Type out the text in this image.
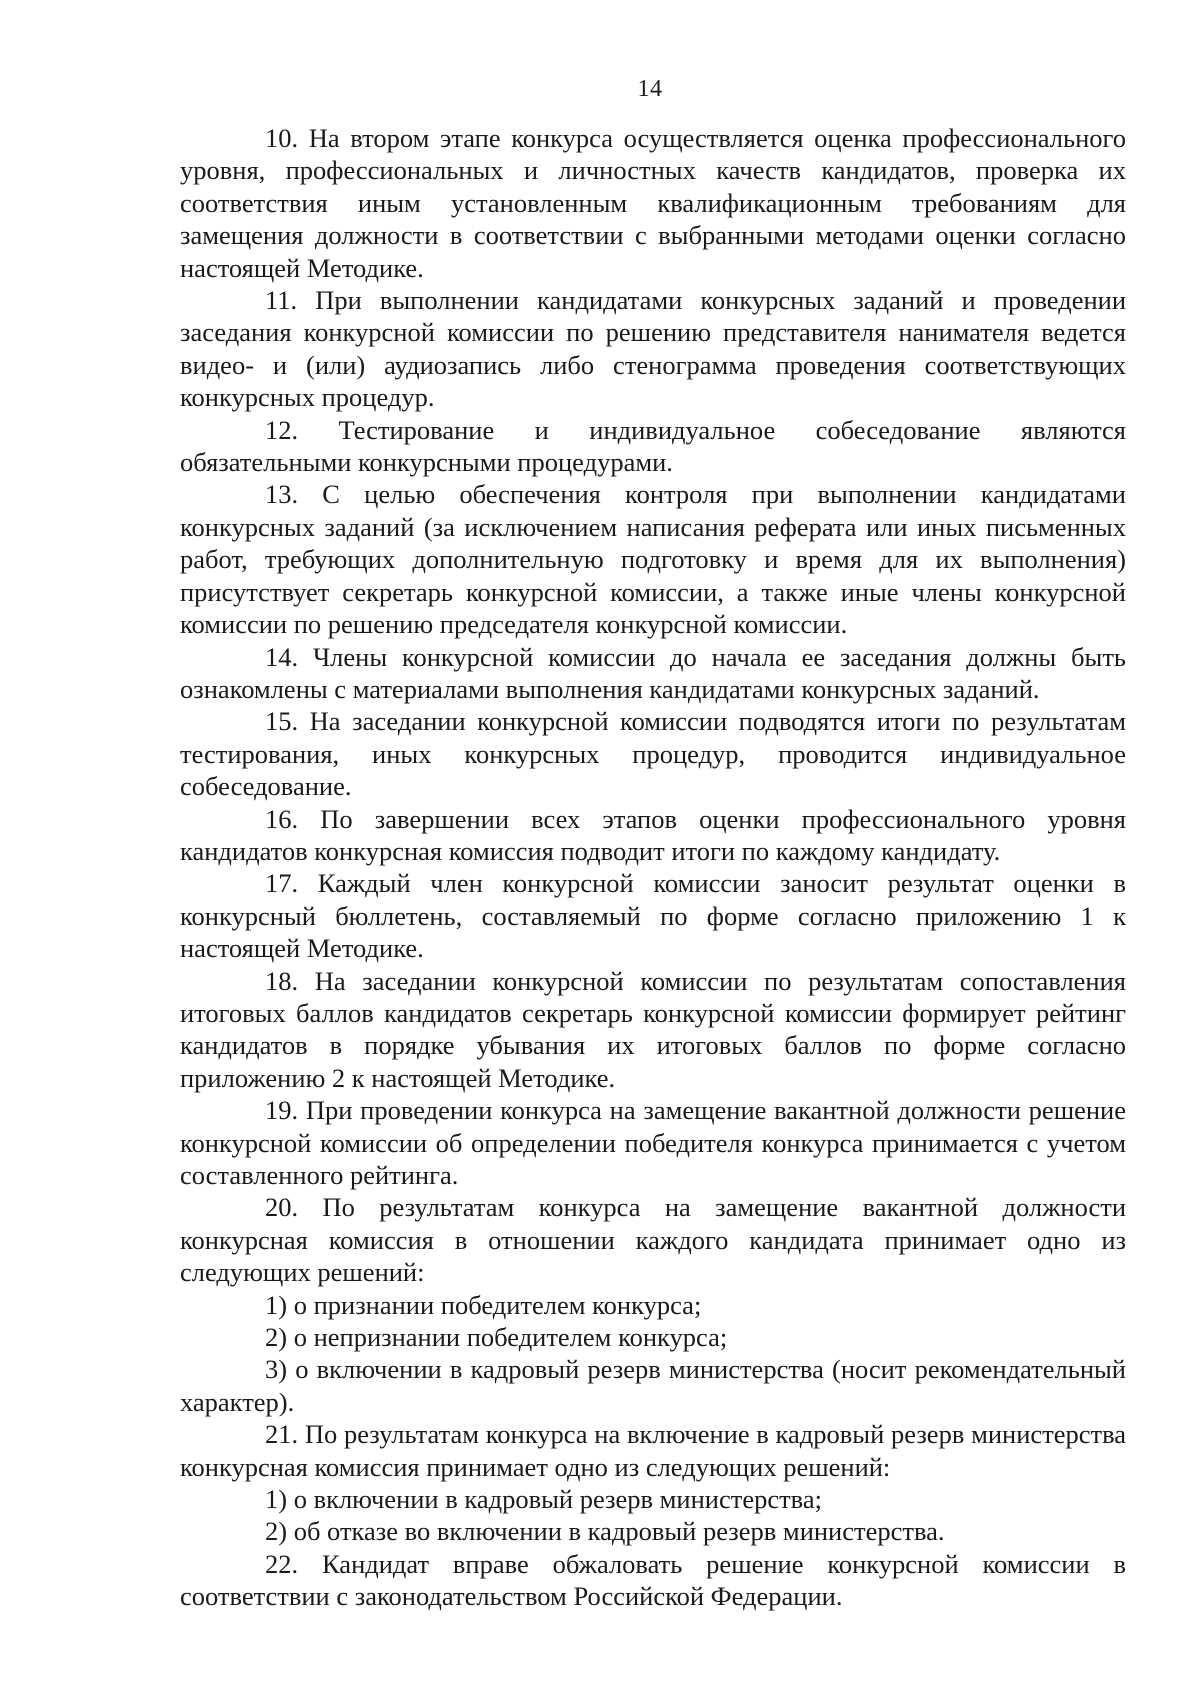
14

10. На втором этапе конкурса осуществляется оценка профессионального уровня, профессиональных и личностных качеств кандидатов, проверка их соответствия иным установленным квалификационным требованиям для замещения должности в соответствии с выбранными методами оценки согласно настоящей Методике.

11. При выполнении кандидатами конкурсных заданий и проведении заседания конкурсной комиссии по решению представителя нанимателя ведется видео- и (или) аудиозапись либо стенограмма проведения соответствующих конкурсных процедур.

12. Тестирование и индивидуальное собеседование являются обязательными конкурсными процедурами.

13. С целью обеспечения контроля при выполнении кандидатами конкурсных заданий (за исключением написания реферата или иных письменных работ, требующих дополнительную подготовку и время для их выполнения) присутствует секретарь конкурсной комиссии, а также иные члены конкурсной комиссии по решению председателя конкурсной комиссии.

14. Члены конкурсной комиссии до начала ее заседания должны быть ознакомлены с материалами выполнения кандидатами конкурсных заданий.

15. На заседании конкурсной комиссии подводятся итоги по результатам тестирования, иных конкурсных процедур, проводится индивидуальное собеседование.

16. По завершении всех этапов оценки профессионального уровня кандидатов конкурсная комиссия подводит итоги по каждому кандидату.

17. Каждый член конкурсной комиссии заносит результат оценки в конкурсный бюллетень, составляемый по форме согласно приложению 1 к настоящей Методике.

18. На заседании конкурсной комиссии по результатам сопоставления итоговых баллов кандидатов секретарь конкурсной комиссии формирует рейтинг кандидатов в порядке убывания их итоговых баллов по форме согласно приложению 2 к настоящей Методике.

19. При проведении конкурса на замещение вакантной должности решение конкурсной комиссии об определении победителя конкурса принимается с учетом составленного рейтинга.

20. По результатам конкурса на замещение вакантной должности конкурсная комиссия в отношении каждого кандидата принимает одно из следующих решений:

1) о признании победителем конкурса;

2) о непризнании победителем конкурса;

3) о включении в кадровый резерв министерства (носит рекомендательный характер).

21. По результатам конкурса на включение в кадровый резерв министерства конкурсная комиссия принимает одно из следующих решений:

1) о включении в кадровый резерв министерства;

2) об отказе во включении в кадровый резерв министерства.

22. Кандидат вправе обжаловать решение конкурсной комиссии в соответствии с законодательством Российской Федерации.
